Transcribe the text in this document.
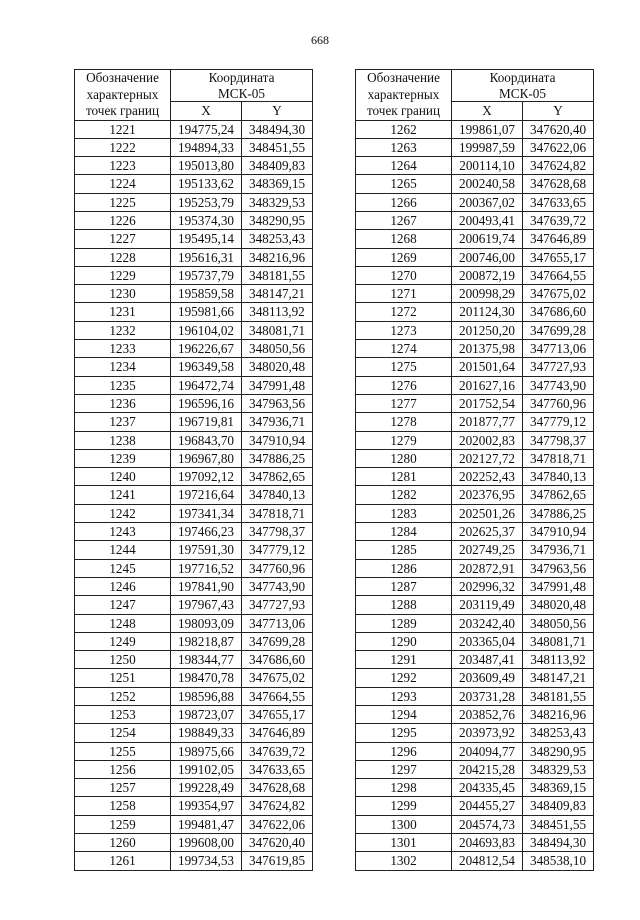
668
Обозначение характерных точек границ	Координата	
	МСК-05	
	X	Y
1221	194775,24	348494,30
1222	194894,33	348451,55
1223	195013,80	348409,83
1224	195133,62	348369,15
1225	195253,79	348329,53
1226	195374,30	348290,95
1227	195495,14	348253,43
1228	195616,31	348216,96
1229	195737,79	348181,55
1230	195859,58	348147,21
1231	195981,66	348113,92
1232	196104,02	348081,71
1233	196226,67	348050,56
1234	196349,58	348020,48
1235	196472,74	347991,48
1236	196596,16	347963,56
1237	196719,81	347936,71
1238	196843,70	347910,94
1239	196967,80	347886,25
1240	197092,12	347862,65
1241	197216,64	347840,13
1242	197341,34	347818,71
1243	197466,23	347798,37
1244	197591,30	347779,12
1245	197716,52	347760,96
1246	197841,90	347743,90
1247	197967,43	347727,93
1248	198093,09	347713,06
1249	198218,87	347699,28
1250	198344,77	347686,60
1251	198470,78	347675,02
1252	198596,88	347664,55
1253	198723,07	347655,17
1254	198849,33	347646,89
1255	198975,66	347639,72
1256	199102,05	347633,65
1257	199228,49	347628,68
1258	199354,97	347624,82
1259	199481,47	347622,06
1260	199608,00	347620,40
1261	199734,53	347619,85
Обозначение характерных точек границ	Координата	
	МСК-05	
	X	Y
1262	199861,07	347620,40
1263	199987,59	347622,06
1264	200114,10	347624,82
1265	200240,58	347628,68
1266	200367,02	347633,65
1267	200493,41	347639,72
1268	200619,74	347646,89
1269	200746,00	347655,17
1270	200872,19	347664,55
1271	200998,29	347675,02
1272	201124,30	347686,60
1273	201250,20	347699,28
1274	201375,98	347713,06
1275	201501,64	347727,93
1276	201627,16	347743,90
1277	201752,54	347760,96
1278	201877,77	347779,12
1279	202002,83	347798,37
1280	202127,72	347818,71
1281	202252,43	347840,13
1282	202376,95	347862,65
1283	202501,26	347886,25
1284	202625,37	347910,94
1285	202749,25	347936,71
1286	202872,91	347963,56
1287	202996,32	347991,48
1288	203119,49	348020,48
1289	203242,40	348050,56
1290	203365,04	348081,71
1291	203487,41	348113,92
1292	203609,49	348147,21
1293	203731,28	348181,55
1294	203852,76	348216,96
1295	203973,92	348253,43
1296	204094,77	348290,95
1297	204215,28	348329,53
1298	204335,45	348369,15
1299	204455,27	348409,83
1300	204574,73	348451,55
1301	204693,83	348494,30
1302	204812,54	348538,10
